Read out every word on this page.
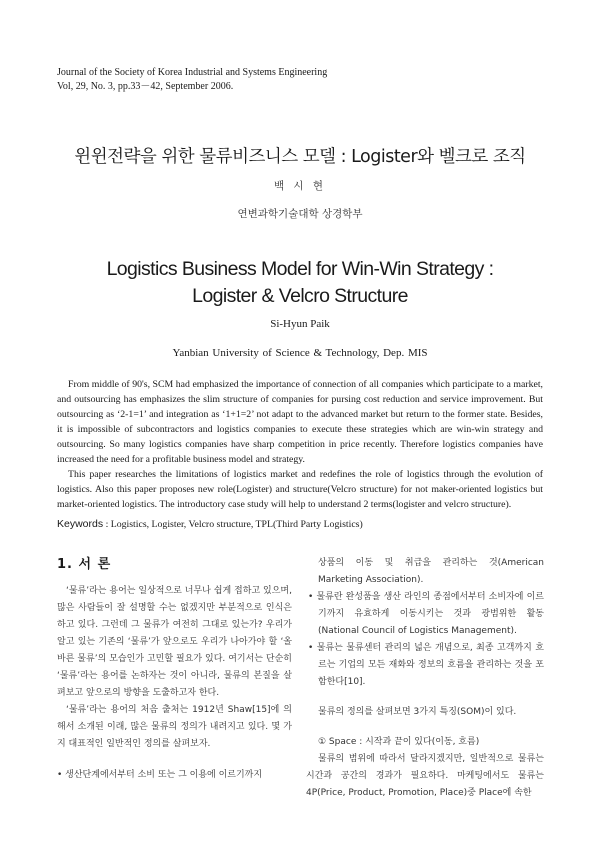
Journal of the Society of Korea Industrial and Systems Engineering
Vol, 29, No. 3, pp.33－42, September 2006.
윈윈전략을 위한 물류비즈니스 모델 : Logister와 벨크로 조직
백 시 현
연변과학기술대학 상경학부
Logistics Business Model for Win-Win Strategy :
Logister & Velcro Structure
Si-Hyun Paik
Yanbian University of Science & Technology, Dep. MIS

From middle of 90's, SCM had emphasized the importance of connection of all companies which participate to a market, and outsourcing has emphasizes the slim structure of companies for pursing cost reduction and service improvement. But outsourcing as ‘2-1=1’ and integration as ‘1+1=2’ not adapt to the advanced market but return to the former state. Besides, it is impossible of subcontractors and logistics companies to execute these strategies which are win-win strategy and outsourcing. So many logistics companies have sharp competition in price recently. Therefore logistics companies have increased the need for a profitable business model and strategy.

This paper researches the limitations of logistics market and redefines the role of logistics through the evolution of logistics. Also this paper proposes new role(Logister) and structure(Velcro structure) for not maker-oriented logistics but market-oriented logistics. The introductory case study will help to understand 2 terms(logister and velcro structure).

Keywords : Logistics, Logister, Velcro structure, TPL(Third Party Logistics)
1. 서 론

‘물류’라는 용어는 일상적으로 너무나 쉽게 접하고 있으며, 많은 사람들이 잘 설명할 수는 없겠지만 부분적으로 인식은 하고 있다. 그런데 그 물류가 여전히 그대로 있는가? 우리가 알고 있는 기존의 ‘물류’가 앞으로도 우리가 나아가야 할 ‘올바른 물류’의 모습인가 고민할 필요가 있다. 여기서는 단순히 ‘물류’라는 용어를 논하자는 것이 아니라, 물류의 본질을 살펴보고 앞으로의 방향을 도출하고자 한다.

‘물류’라는 용어의 처음 출처는 1912년 Shaw[15]에 의해서 소개된 이래, 많은 물류의 정의가 내려지고 있다. 몇 가지 대표적인 일반적인 정의를 살펴보자.

• 생산단계에서부터 소비 또는 그 이용에 이르기까지

상품의 이동 및 취급을 관리하는 것(American Marketing Association).

• 물류란 완성품을 생산 라인의 종점에서부터 소비자에 이르기까지 유효하게 이동시키는 것과 광범위한 활동(National Council of Logistics Management).

• 물류는 물류센터 관리의 넓은 개념으로, 최종 고객까지 흐르는 기업의 모든 재화와 정보의 흐름을 관리하는 것을 포함한다[10].

물류의 정의를 살펴보면 3가지 특징(SOM)이 있다.

① Space : 시작과 끝이 있다(이동, 흐름)

물류의 범위에 따라서 달라지겠지만, 일반적으로 물류는 시간과 공간의 경과가 필요하다. 마케팅에서도 물류는 4P(Price, Product, Promotion, Place)중 Place에 속한
